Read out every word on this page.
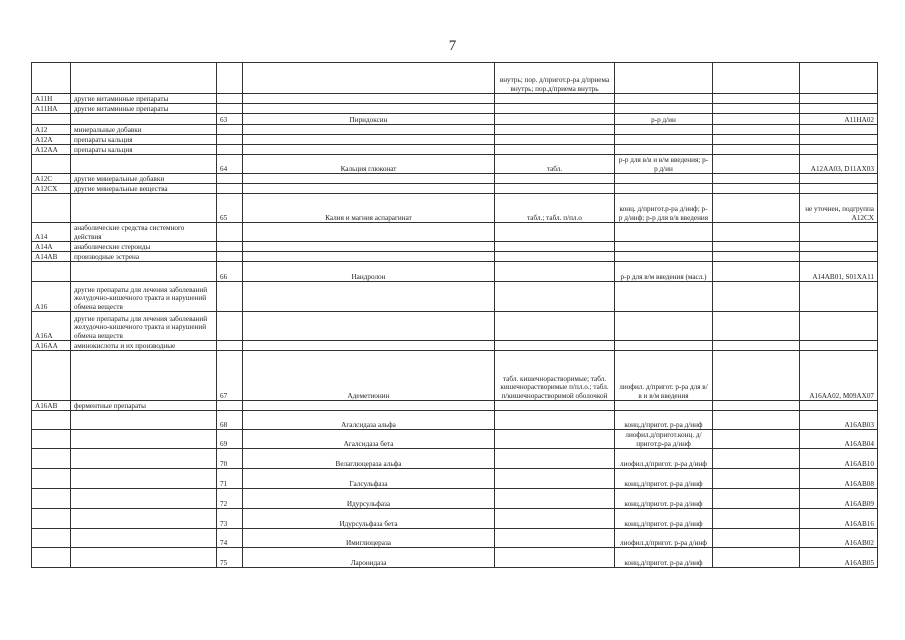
7
				внутрь; пор. д/пригот.р-ра д/приема внутрь; пор.д/приема внутрь			
A11H	другие витаминные препараты						
A11HA	другие витаминные препараты						
		63	Пиридоксин		р-р д/ин		A11HA02
A12	минеральные добавки						
A12A	препараты кальция						
A12AA	препараты кальция						
		64	Кальция глюконат	табл.	р-р для в/в и в/м введения; р-р д/ин		A12AA03, D11AX03
A12C	другие минеральные добавки						
A12CX	другие минеральные вещества						
		65	Калия и магния аспарагинат	табл.; табл. п/пл.о	конц. д/пригот.р-ра д/инф; р-р д/инф; р-р для в/в введения		не уточнен, подгруппа A12CX
A14	анаболические средства системного действия						
A14A	анаболические стероиды						
A14AB	производные эстрена						
		66	Нандролон		р-р для в/м введения (масл.)		A14AB01, S01XA11
A16	другие препараты для лечения заболеваний желудочно-кишечного тракта и нарушений обмена веществ						
A16A	другие препараты для лечения заболеваний желудочно-кишечного тракта и нарушений обмена веществ						
A16AA	аминокислоты и их производные						
		67	Адеметионин	табл. кишечнорастворимые; табл. кишечнорастворимые п/пл.о.; табл. п/кишечнорастворимой оболочкой	лиофил. д/пригот. р-ра для в/в и в/м введения		A16AA02, M09AX07
A16AB	ферментные препараты						
		68	Агалсидаза альфа		конц.д/пригот. р-ра д/инф		A16AB03
		69	Агалсидаза бета		лиофил.д/пригот.конц. д/пригот.р-ра д/инф		A16AB04
		70	Велаглюцераза альфа		лиофил.д/пригот. р-ра д/инф		A16AB10
		71	Галсульфаза		конц.д/пригот. р-ра д/инф		A16AB08
		72	Идурсульфаза		конц.д/пригот. р-ра д/инф		A16AB09
		73	Идурсульфаза бета		конц.д/пригот. р-ра д/инф		A16AB16
		74	Имиглюцераза		лиофил.д/пригот. р-ра д/инф		A16AB02
		75	Ларонидаза		конц.д/пригот. р-ра д/инф		A16AB05
